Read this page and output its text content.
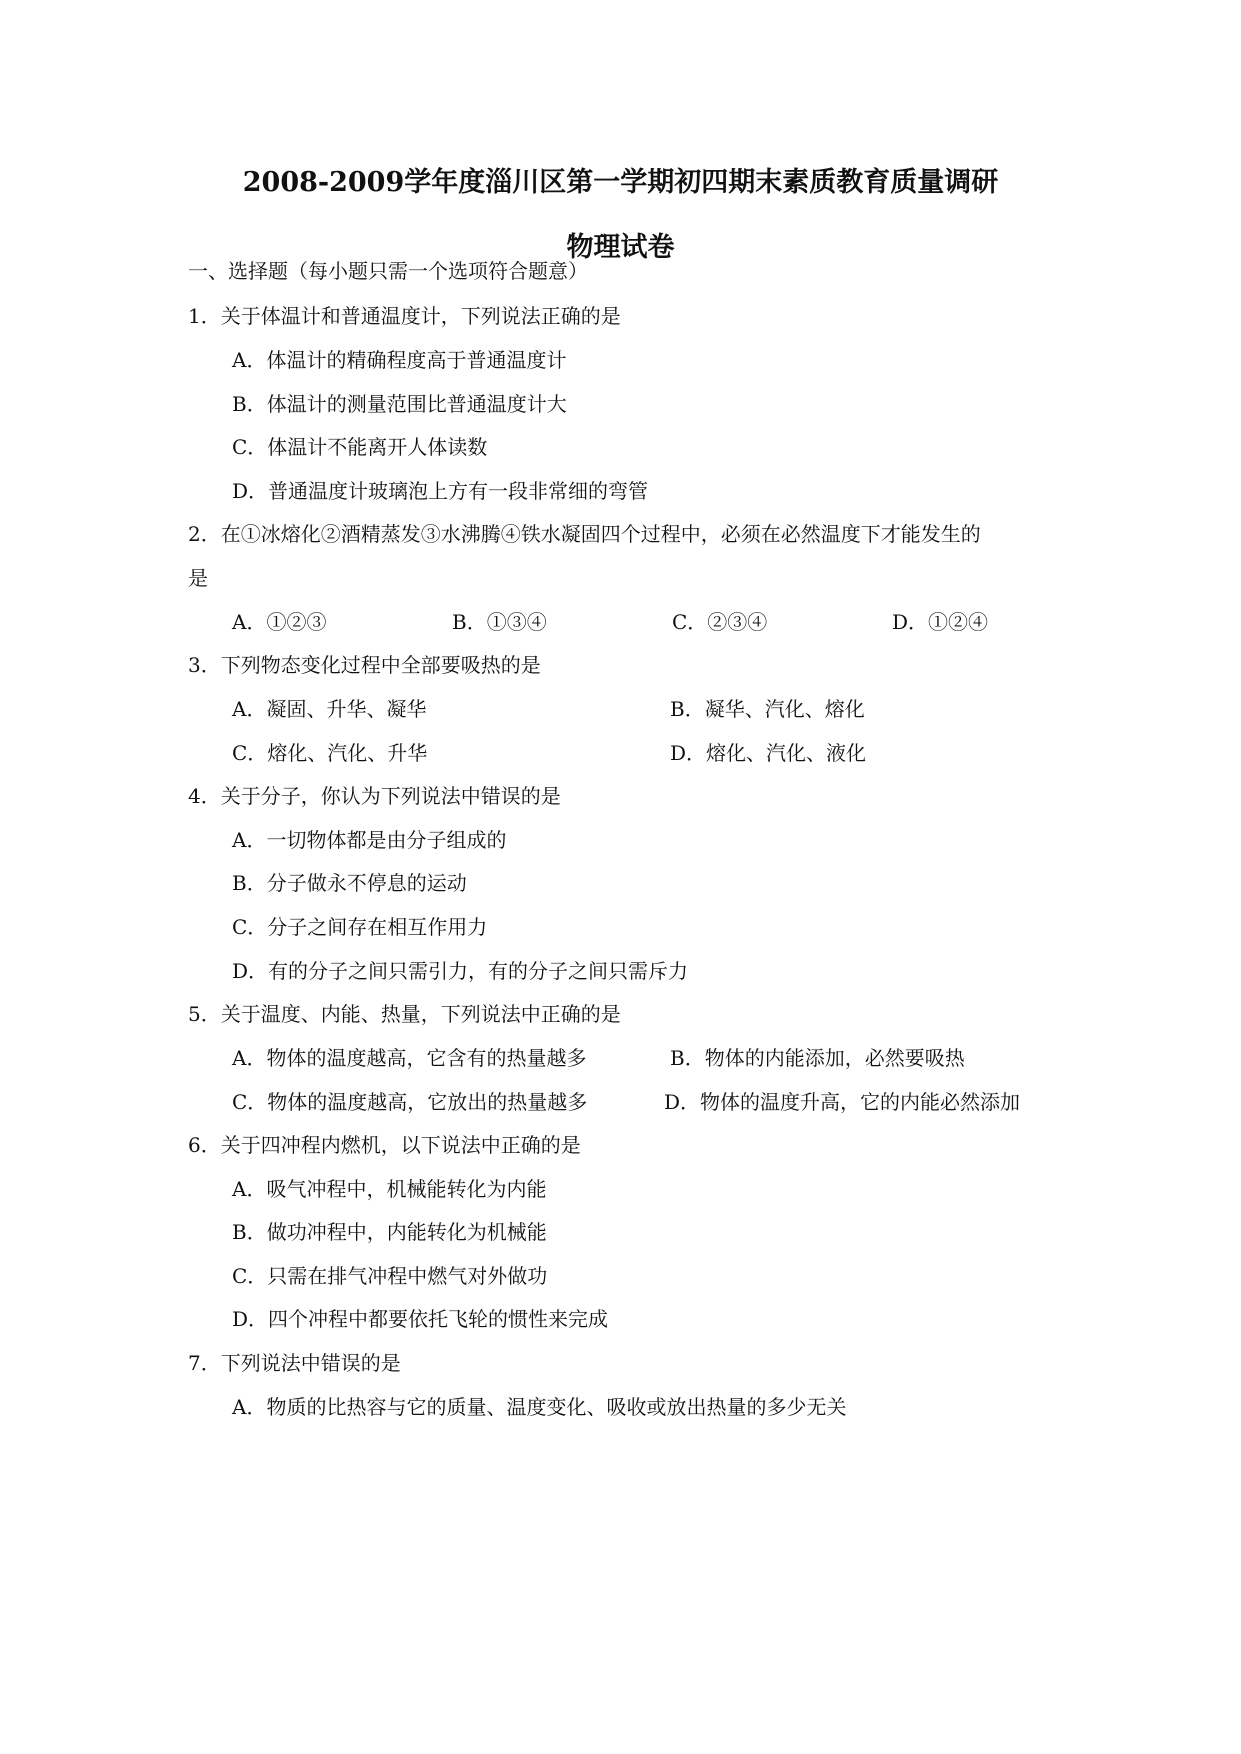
2008-2009学年度淄川区第一学期初四期末素质教育质量调研
物理试卷
一、选择题（每小题只需一个选项符合题意）
1．关于体温计和普通温度计，下列说法正确的是
A．体温计的精确程度高于普通温度计
B．体温计的测量范围比普通温度计大
C．体温计不能离开人体读数
D．普通温度计玻璃泡上方有一段非常细的弯管
2．在①冰熔化②酒精蒸发③水沸腾④铁水凝固四个过程中，必须在必然温度下才能发生的
是
A．①②③	B．①③④	C．②③④	D．①②④
3．下列物态变化过程中全部要吸热的是
A．凝固、升华、凝华	B．凝华、汽化、熔化
C．熔化、汽化、升华	D．熔化、汽化、液化
4．关于分子，你认为下列说法中错误的是
A．一切物体都是由分子组成的
B．分子做永不停息的运动
C．分子之间存在相互作用力
D．有的分子之间只需引力，有的分子之间只需斥力
5．关于温度、内能、热量，下列说法中正确的是
A．物体的温度越高，它含有的热量越多	B．物体的内能添加，必然要吸热
C．物体的温度越高，它放出的热量越多	D．物体的温度升高，它的内能必然添加
6．关于四冲程内燃机，以下说法中正确的是
A．吸气冲程中，机械能转化为内能
B．做功冲程中，内能转化为机械能
C．只需在排气冲程中燃气对外做功
D．四个冲程中都要依托飞轮的惯性来完成
7．下列说法中错误的是
A．物质的比热容与它的质量、温度变化、吸收或放出热量的多少无关
